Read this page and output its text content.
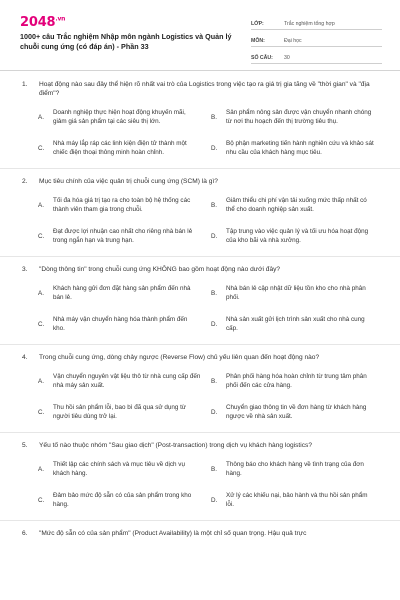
$2048^{.vn}$
1000+ câu Trắc nghiệm Nhập môn ngành Logistics và Quản lý chuỗi cung ứng (có đáp án) - Phần 33
LỚP:	Trắc nghiệm tổng hợp
MÔN:	Đại học
SỐ CÂU:	30
1.	Hoạt động nào sau đây thể hiện rõ nhất vai trò của Logistics trong việc tạo ra giá trị gia tăng về "thời gian" và "địa điểm"?
A.
Doanh nghiệp thực hiện hoạt động khuyến mãi, giảm giá sản phẩm tại các siêu thị lớn.
B.
Sản phẩm nông sản được vận chuyển nhanh chóng từ nơi thu hoạch đến thị trường tiêu thụ.
C.
Nhà máy lắp ráp các linh kiện điện tử thành một chiếc điện thoại thông minh hoàn chỉnh.
D.
Bộ phận marketing tiến hành nghiên cứu và khảo sát nhu cầu của khách hàng mục tiêu.
2.	Mục tiêu chính của việc quản trị chuỗi cung ứng (SCM) là gì?
A.
Tối đa hóa giá trị tạo ra cho toàn bộ hệ thống các thành viên tham gia trong chuỗi.
B.
Giảm thiểu chi phí vận tải xuống mức thấp nhất có thể cho doanh nghiệp sản xuất.
C.
Đạt được lợi nhuận cao nhất cho riêng nhà bán lẻ trong ngắn hạn và trung hạn.
D.
Tập trung vào việc quản lý và tối ưu hóa hoạt động của kho bãi và nhà xưởng.
3.	"Dòng thông tin" trong chuỗi cung ứng KHÔNG bao gồm hoạt động nào dưới đây?
A.
Khách hàng gửi đơn đặt hàng sản phẩm đến nhà bán lẻ.
B.
Nhà bán lẻ cập nhật dữ liệu tồn kho cho nhà phân phối.
C.
Nhà máy vận chuyển hàng hóa thành phẩm đến kho.
D.
Nhà sản xuất gửi lịch trình sản xuất cho nhà cung cấp.
4.	Trong chuỗi cung ứng, dòng chảy ngược (Reverse Flow) chủ yếu liên quan đến hoạt động nào?
A.
Vận chuyển nguyên vật liệu thô từ nhà cung cấp đến nhà máy sản xuất.
B.
Phân phối hàng hóa hoàn chỉnh từ trung tâm phân phối đến các cửa hàng.
C.
Thu hồi sản phẩm lỗi, bao bì đã qua sử dụng từ người tiêu dùng trở lại.
D.
Chuyển giao thông tin về đơn hàng từ khách hàng ngược về nhà sản xuất.
5.	Yếu tố nào thuộc nhóm "Sau giao dịch" (Post-transaction) trong dịch vụ khách hàng logistics?
A.
Thiết lập các chính sách và mục tiêu về dịch vụ khách hàng.
B.
Thông báo cho khách hàng về tình trạng của đơn hàng.
C.
Đảm bảo mức độ sẵn có của sản phẩm trong kho hàng.
D.
Xử lý các khiếu nại, bảo hành và thu hồi sản phẩm lỗi.
6.	"Mức độ sẵn có của sản phẩm" (Product Availability) là một chỉ số quan trọng. Hậu quả trực
